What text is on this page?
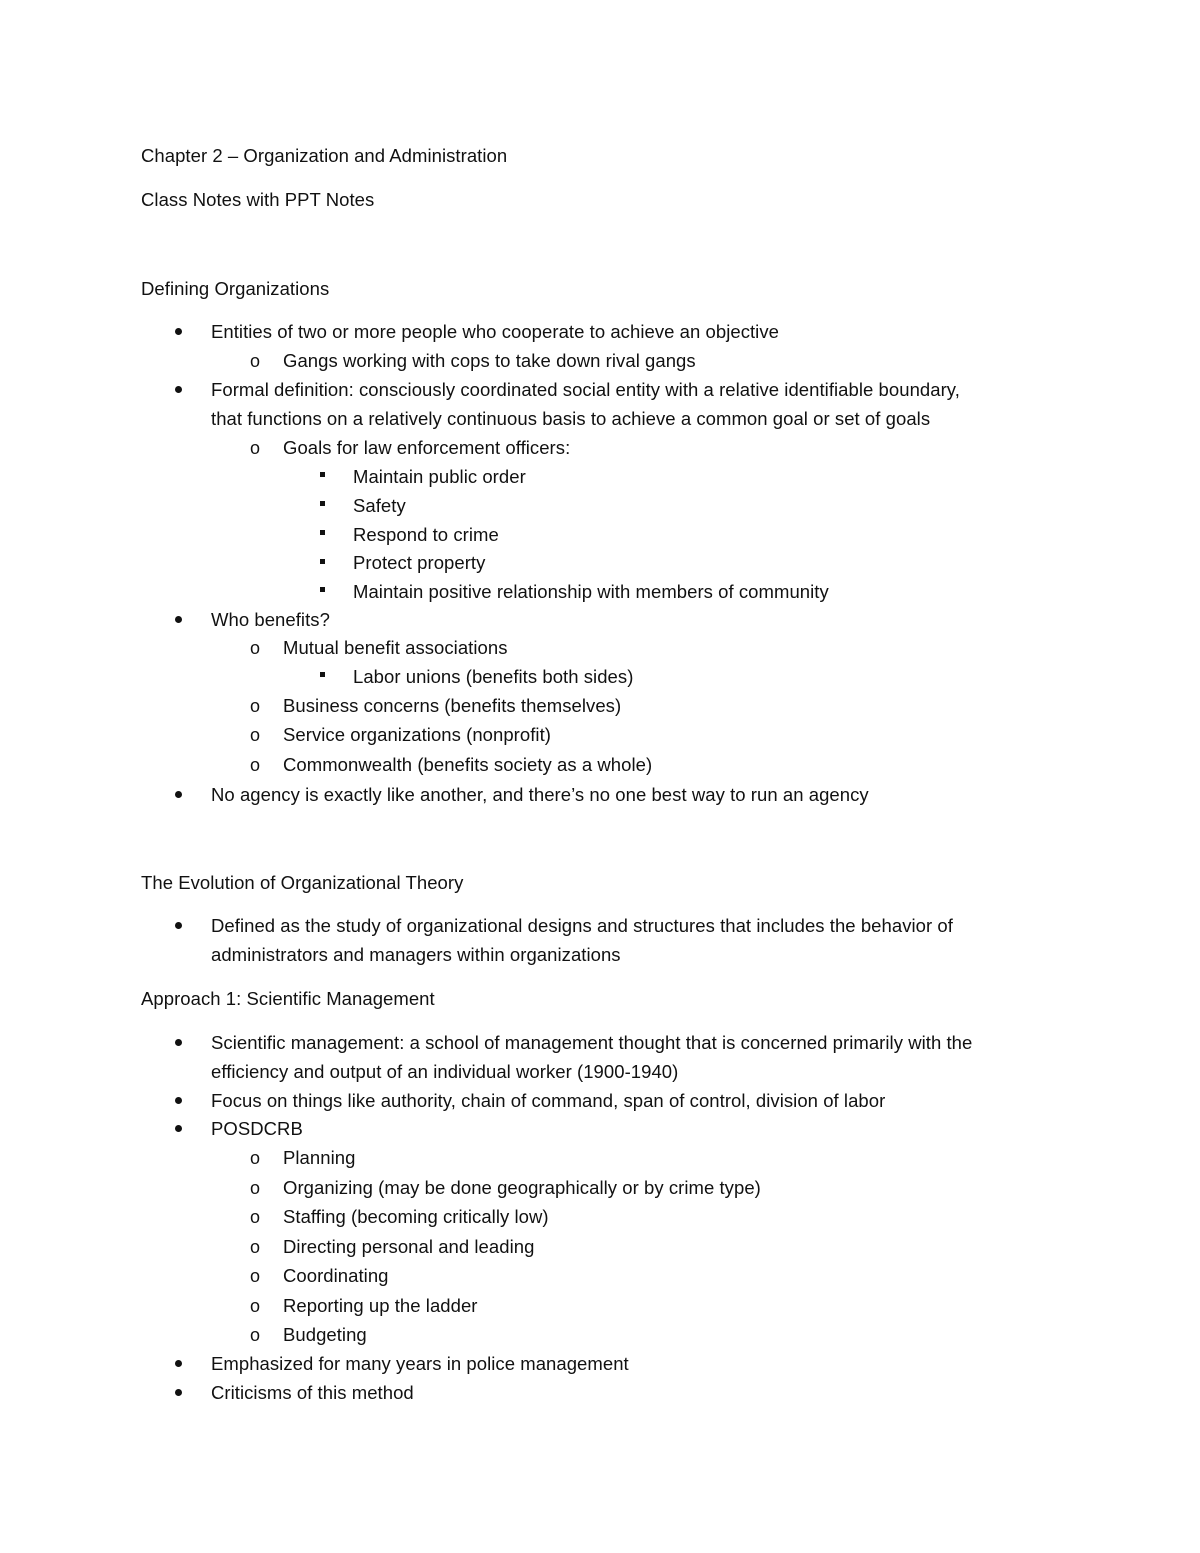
Chapter 2 – Organization and Administration
Class Notes with PPT Notes
Defining Organizations
Entities of two or more people who cooperate to achieve an objective
o Gangs working with cops to take down rival gangs
Formal definition: consciously coordinated social entity with a relative identifiable boundary,
that functions on a relatively continuous basis to achieve a common goal or set of goals
o Goals for law enforcement officers:
Maintain public order
Safety
Respond to crime
Protect property
Maintain positive relationship with members of community
Who benefits?
o Mutual benefit associations
Labor unions (benefits both sides)
o Business concerns (benefits themselves)
o Service organizations (nonprofit)
o Commonwealth (benefits society as a whole)
No agency is exactly like another, and there’s no one best way to run an agency
The Evolution of Organizational Theory
Defined as the study of organizational designs and structures that includes the behavior of
administrators and managers within organizations
Approach 1: Scientific Management
Scientific management: a school of management thought that is concerned primarily with the
efficiency and output of an individual worker (1900-1940)
Focus on things like authority, chain of command, span of control, division of labor
POSDCRB
o Planning
o Organizing (may be done geographically or by crime type)
o Staffing (becoming critically low)
o Directing personal and leading
o Coordinating
o Reporting up the ladder
o Budgeting
Emphasized for many years in police management
Criticisms of this method
